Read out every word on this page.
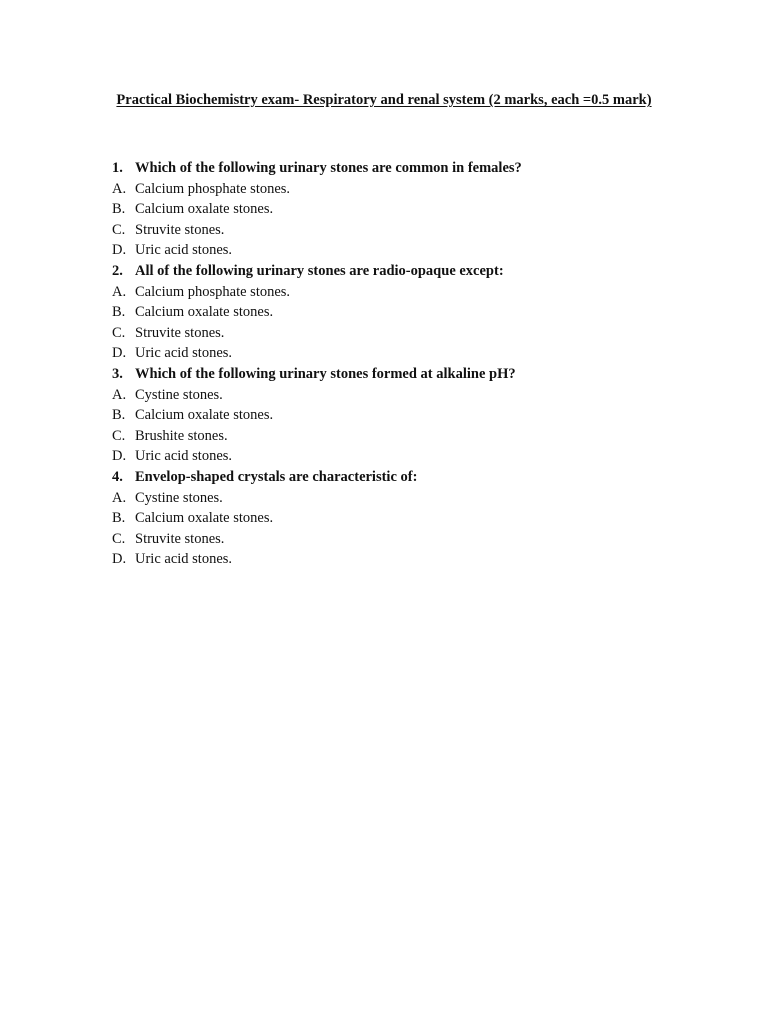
Practical Biochemistry exam- Respiratory and renal system (2 marks, each =0.5 mark)
1. Which of the following urinary stones are common in females?
A. Calcium phosphate stones.
B. Calcium oxalate stones.
C. Struvite stones.
D. Uric acid stones.
2. All of the following urinary stones are radio-opaque except:
A. Calcium phosphate stones.
B. Calcium oxalate stones.
C. Struvite stones.
D. Uric acid stones.
3. Which of the following urinary stones formed at alkaline pH?
A. Cystine stones.
B. Calcium oxalate stones.
C. Brushite stones.
D. Uric acid stones.
4. Envelop-shaped crystals are characteristic of:
A. Cystine stones.
B. Calcium oxalate stones.
C. Struvite stones.
D. Uric acid stones.
